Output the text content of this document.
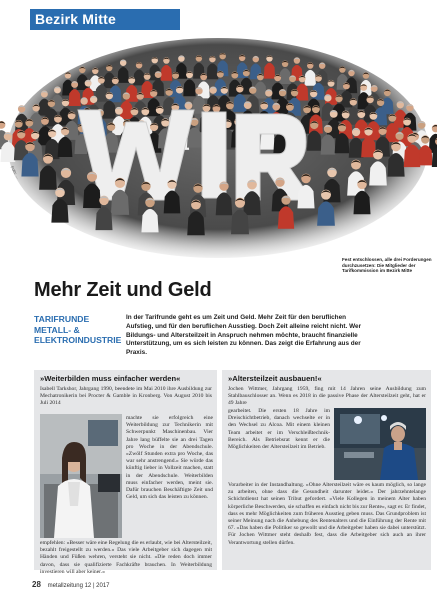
Bezirk Mitte
Foto: ...
Fest entschlossen, alle drei Forderungen durchzusetzen: Die Mitglieder der Tarifkommission im Bezirk Mitte
Mehr Zeit und Geld
TARIFRUNDE
METALL- &
ELEKTROINDUSTRIE
In der Tarifrunde geht es um Zeit und Geld. Mehr Zeit für den beruflichen Aufstieg, und für den beruflichen Ausstieg. Doch Zeit alleine reicht nicht. Wer Bildungs- und Altersteilzeit in Anspruch nehmen möchte, braucht finanzielle Unterstützung, um es sich leisten zu können. Das zeigt die Erfahrung aus der Praxis.
»Weiterbilden muss einfacher werden«
Isabell Tarkshor, Jahrgang 1990, beendete im Mai 2010 ihre Ausbildung zur Mechatronikerin bei Procter & Gamble in Kronberg. Von August 2010 bis Juli 2014
machte sie erfolgreich eine Weiterbildung zur Technikerin mit Schwerpunkt Maschinenbau. Vier Jahre lang büffelte sie an drei Tagen pro Woche in der Abendschule. »Zwölf Stunden extra pro Woche, das war sehr anstrengend.« Sie würde das künftig lieber in Vollzeit machen, statt in der Abendschule. Weiterbilden muss einfacher werden, meint sie. Dafür brauchen Beschäftigte Zeit und Geld, um sich das leisten zu können.
empfehlen: »Besser wäre eine Regelung die es erlaubt, wie bei Altersteilzeit, bezahlt freigestellt zu werden.« Das viele Arbeitgeber sich dagegen mit Händen und Füßen wehren, versteht sie nicht. »Die reden doch immer davon, dass sie qualifizierte Fachkräfte brauchen. In Weiterbildung investieren will aber keiner.«
»Altersteilzeit ausbauen!«
Jochen Wittmer, Jahrgang 1959, fing mit 14 Jahren seine Ausbildung zum Stahlbauschlosser an. Wenn es 2018 in die passive Phase der Altersteilzeit geht, hat er 49 Jahre
gearbeitet. Die ersten 18 Jahre im Dreischichtbetrieb, danach wechselte er in den Wechsel zu Alcoa. Mit einem kleinen Team arbeitet er im Verschleißtechnik-Bereich. Als Betriebsrat kennt er die Möglichkeiten der Altersteilzeit im Betrieb.
Vorarbeiter in der Instandhaltung. »Ohne Altersteilzeit wäre es kaum möglich, so lange zu arbeiten, ohne dass die Gesundheit darunter leidet.« Der jahrzehntelange Schichtdienst hat seinen Tribut gefordert. »Viele Kollegen in meinem Alter haben körperliche Beschwerden, sie schaffen es einfach nicht bis zur Rente«, sagt er. Er findet, dass es mehr Möglichkeiten zum früheren Ausstieg geben muss. Das Grundproblem ist seiner Meinung nach die Anhebung des Rentenalters und die Einführung der Rente mit 67. »Das haben die Politiker so gewollt und die Arbeitgeber haben sie dabei unterstützt. Für Jochen Wittmer steht deshalb fest, dass die Arbeitgeber sich auch an ihrer Verantwortung stellen dürfen.
28 metallzeitung 12 | 2017
